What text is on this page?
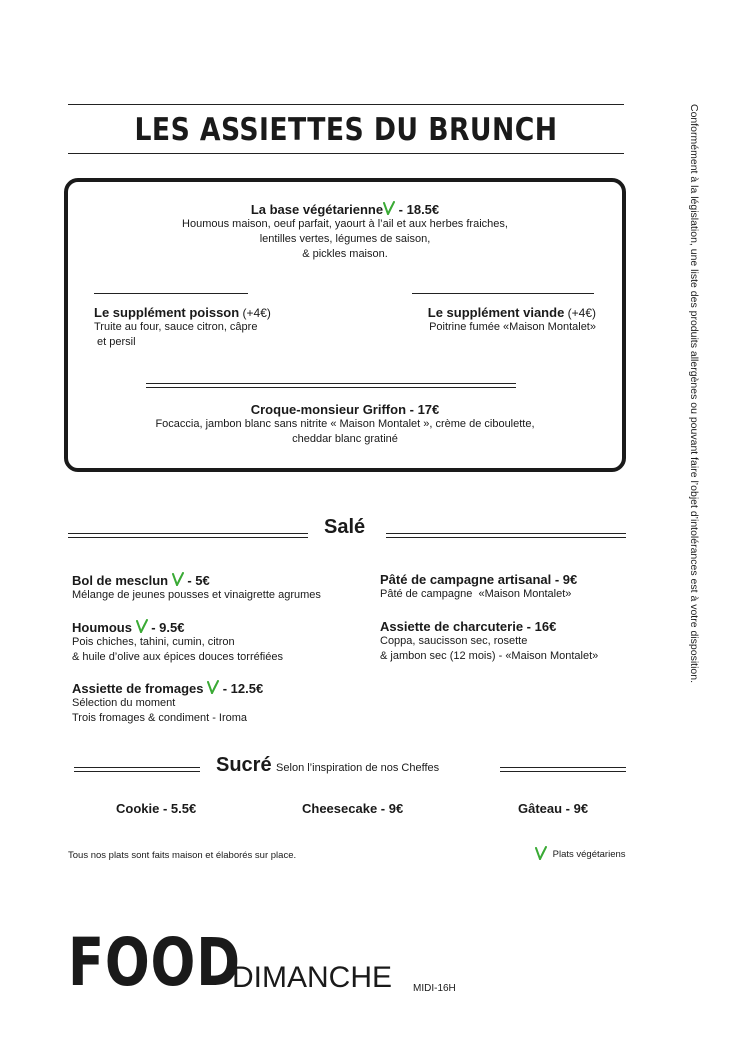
Conformément à la législation, une liste des produits allergènes ou pouvant faire l’objet d’intolérances est à votre disposition.
LES ASSIETTES DU BRUNCH
La base végétarienne - 18.5€
Houmous maison, oeuf parfait, yaourt à l’ail et aux herbes fraiches,
lentilles vertes, légumes de saison,
& pickles maison.
Le supplément poisson (+4€)
Truite au four, sauce citron, câpre
et persil
Le supplément viande (+4€)
Poitrine fumée «Maison Montalet»
Croque-monsieur Griffon - 17€
Focaccia, jambon blanc sans nitrite « Maison Montalet », crème de ciboulette,
cheddar blanc gratiné
Salé
Bol de mesclun  - 5€
Mélange de jeunes pousses et vinaigrette agrumes
Houmous  - 9.5€
Pois chiches, tahini, cumin, citron
& huile d’olive aux épices douces torréfiées
Assiette de fromages  - 12.5€
Sélection du moment
Trois fromages & condiment - Iroma
Pâté de campagne artisanal - 9€
Pâté de campagne  «Maison Montalet»
Assiette de charcuterie - 16€
Coppa, saucisson sec, rosette
& jambon sec (12 mois) - «Maison Montalet»
Sucré Selon l’inspiration de nos Cheffes
Cookie - 5.5€	Cheesecake - 9€	Gâteau - 9€
Tous nos plats sont faits maison et élaborés sur place.	Plats végétariens
FOOD
DIMANCHE MIDI-16H
